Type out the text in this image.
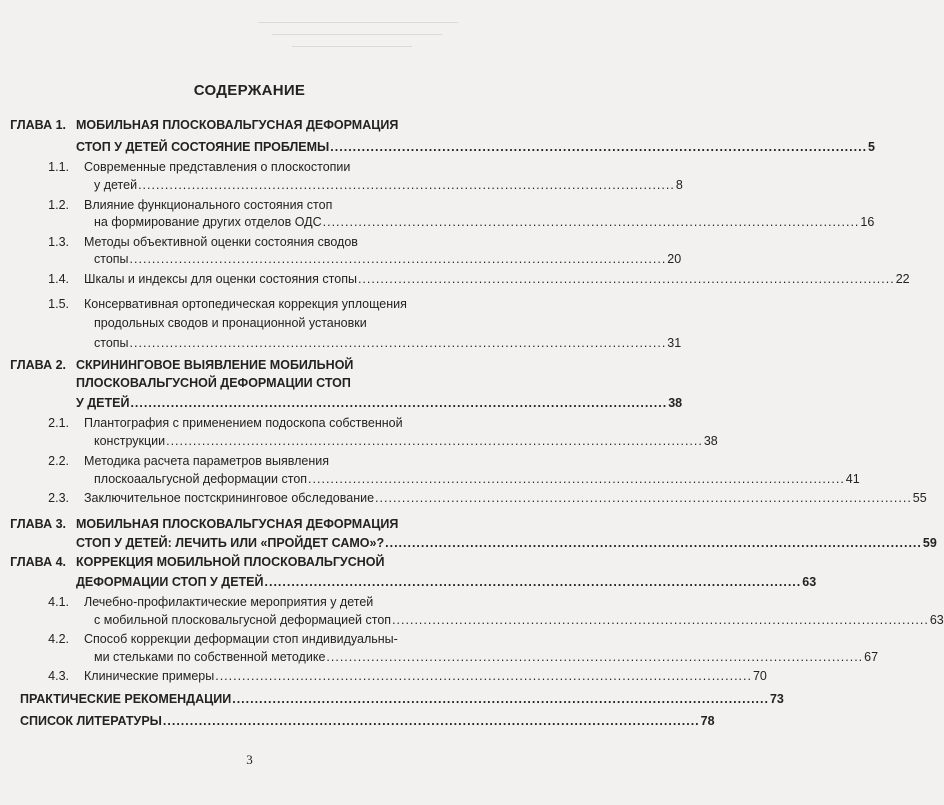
СОДЕРЖАНИЕ
ГЛАВА 1. МОБИЛЬНАЯ ПЛОСКОВАЛЬГУСНАЯ ДЕФОРМАЦИЯ
СТОП У ДЕТЕЙ СОСТОЯНИЕ ПРОБЛЕМЫ ........................................................................................................................ 5
1.1. Современные представления о плоскостопии
у детей ........................................................................................................................ 8
1.2. Влияние функционального состояния стоп
на формирование других отделов ОДС ........................................................................................................................ 16
1.3. Методы объективной оценки состояния сводов
стопы ........................................................................................................................ 20
1.4. Шкалы и индексы для оценки состояния стопы ........................................................................................................................ 22
1.5. Консервативная ортопедическая коррекция уплощения
продольных сводов и пронационной установки
стопы ........................................................................................................................ 31
ГЛАВА 2. СКРИНИНГОВОЕ ВЫЯВЛЕНИЕ МОБИЛЬНОЙ
ПЛОСКОВАЛЬГУСНОЙ ДЕФОРМАЦИИ СТОП
У ДЕТЕЙ ........................................................................................................................ 38
2.1. Плантография с применением подоскопа собственной
конструкции ........................................................................................................................ 38
2.2. Методика расчета параметров выявления
плоскоаальгусной деформации стоп ........................................................................................................................ 41
2.3. Заключительное постскрининговое обследование ........................................................................................................................ 55
ГЛАВА 3. МОБИЛЬНАЯ ПЛОСКОВАЛЬГУСНАЯ ДЕФОРМАЦИЯ
СТОП У ДЕТЕЙ: ЛЕЧИТЬ ИЛИ «ПРОЙДЕТ САМО»? ........................................................................................................................ 59
ГЛАВА 4. КОРРЕКЦИЯ МОБИЛЬНОЙ ПЛОСКОВАЛЬГУСНОЙ
ДЕФОРМАЦИИ СТОП У ДЕТЕЙ ........................................................................................................................ 63
4.1. Лечебно-профилактические мероприятия у детей
с мобильной плосковальгусной деформацией стоп ........................................................................................................................ 63
4.2. Способ коррекции деформации стоп индивидуальны-
ми стельками по собственной методике ........................................................................................................................ 67
4.3. Клинические примеры ........................................................................................................................ 70
ПРАКТИЧЕСКИЕ РЕКОМЕНДАЦИИ ........................................................................................................................ 73
СПИСОК ЛИТЕРАТУРЫ ........................................................................................................................ 78
3
